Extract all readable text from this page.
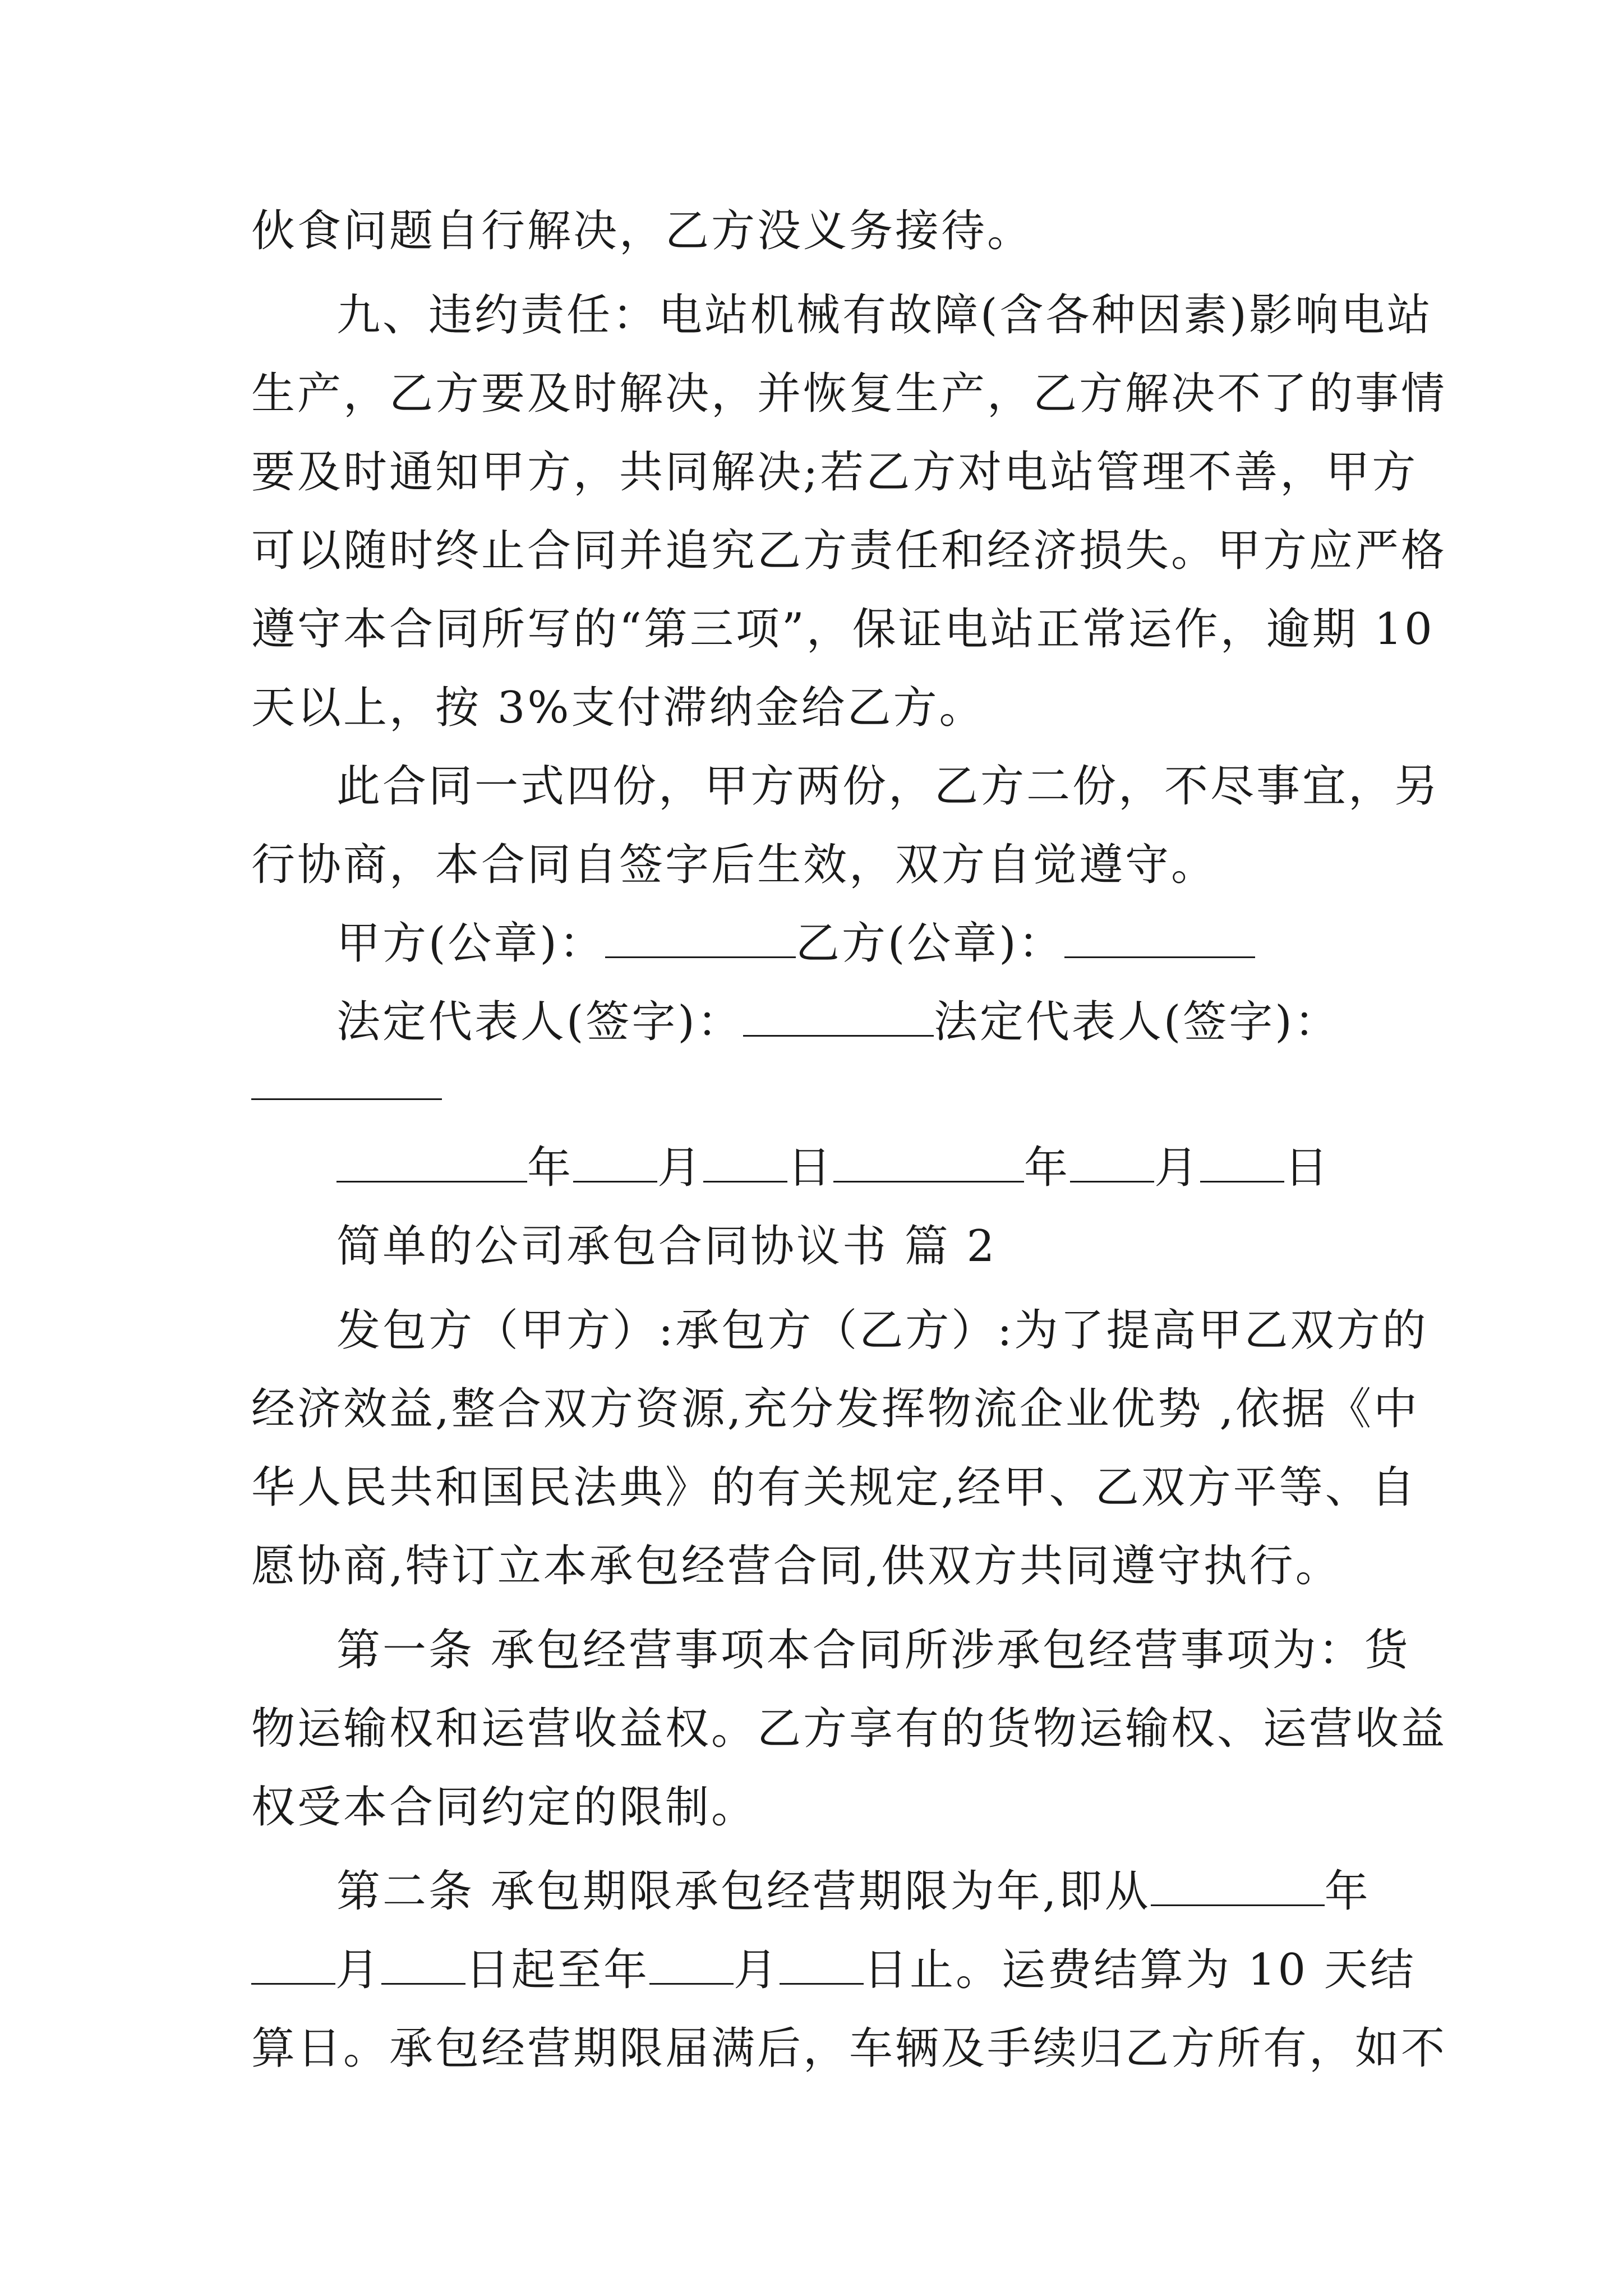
伙食问题自行解决，乙方没义务接待。
九、违约责任：电站机械有故障(含各种因素)影响电站
生产，乙方要及时解决，并恢复生产，乙方解决不了的事情
要及时通知甲方，共同解决;若乙方对电站管理不善，甲方
可以随时终止合同并追究乙方责任和经济损失。甲方应严格
遵守本合同所写的“第三项”，保证电站正常运作，逾期 10
天以上，按 3%支付滞纳金给乙方。
此合同一式四份，甲方两份，乙方二份，不尽事宜，另
行协商，本合同自签字后生效，双方自觉遵守。
甲方(公章)：	乙方(公章)：
法定代表人(签字)：	法定代表人(签字)：
年 月 日	年 月 日
简单的公司承包合同协议书 篇 2
发包方（甲方）:承包方（乙方）:为了提高甲乙双方的
经济效益,整合双方资源,充分发挥物流企业优势 ,依据《中
华人民共和国民法典》的有关规定,经甲、乙双方平等、自
愿协商,特订立本承包经营合同,供双方共同遵守执行。
第一条 承包经营事项本合同所涉承包经营事项为：货
物运输权和运营收益权。乙方享有的货物运输权、运营收益
权受本合同约定的限制。
第二条 承包期限承包经营期限为年,即从	年
月 日起至年 月 日止。运费结算为 10 天结
算日。承包经营期限届满后，车辆及手续归乙方所有，如不
